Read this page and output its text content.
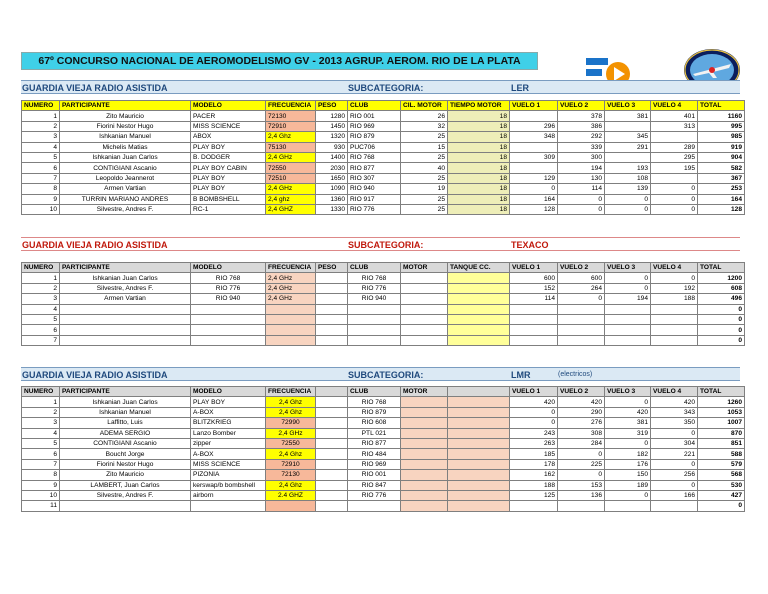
67º CONCURSO NACIONAL DE AEROMODELISMO GV - 2013 AGRUP. AEROM. RIO DE LA PLATA
GUARDIA VIEJA RADIO ASISTIDA	SUBCATEGORIA:	LER
NUMERO	PARTICIPANTE	MODELO	FRECUENCIA	PESO	CLUB	CIL. MOTOR	TIEMPO MOTOR	VUELO 1	VUELO 2	VUELO 3	VUELO 4	TOTAL
1	Zito Mauricio	PACER	72130	1280	RIO 001	26	18		378	381	401	1160
2	Fiorini Nestor Hugo	MISS SCIENCE	72910	1450	RIO 969	32	18	296	386		313	995
3	Ishkanian Manuel	ABOX	2,4 Ghz	1320	RIO 879	25	18	348	292	345		985
4	Michelis Matias	PLAY BOY	75130	930	PUC706	15	18		339	291	289	919
5	Ishkanian Juan Carlos	B. DODGER	2,4 GHz	1400	RIO 768	25	18	309	300		295	904
6	CONTIGIANI Ascanio	PLAY BOY CABIN	72550	2030	RIO 877	40	18		194	193	195	582
7	Leopoldo Jeannerot	PLAY BOY	72510	1650	RIO 307	25	18	129	130	108		367
8	Armen Vartian	PLAY BOY	2,4 GHz	1090	RIO 940	19	18	0	114	139	0	253
9	TURRIN MARIANO ANDRES	B BOMBSHELL	2,4 ghz	1360	RIO 917	25	18	164	0	0	0	164
10	Silvestre, Andres F.	RC-1	2,4 GHZ	1330	RIO 776	25	18	128	0	0	0	128
GUARDIA VIEJA RADIO ASISTIDA	SUBCATEGORIA:	TEXACO
NUMERO	PARTICIPANTE	MODELO	FRECUENCIA	PESO	CLUB	MOTOR	TANQUE CC.	VUELO 1	VUELO 2	VUELO 3	VUELO 4	TOTAL
1	Ishkanian Juan Carlos	RIO 768	2,4 GHz		RIO 768			600	600	0	0	1200
2	Silvestre, Andres F.	RIO 776	2,4 GHz		RIO 776			152	264	0	192	608
3	Armen Vartian	RIO 940	2,4 GHz		RIO 940			114	0	194	188	496
4												0
5												0
6												0
7												0
GUARDIA VIEJA RADIO ASISTIDA	SUBCATEGORIA:	LMR	(electricos)
NUMERO	PARTICIPANTE	MODELO	FRECUENCIA		CLUB	MOTOR		VUELO 1	VUELO 2	VUELO 3	VUELO 4	TOTAL
1	Ishkanian Juan Carlos	PLAY BOY	2,4 Ghz		RIO 768			420	420	0	420	1260
2	Ishkanian Manuel	A-BOX	2,4 Ghz		RIO 879			0	290	420	343	1053
3	Laffitto, Luis	BLITZKRIEG	72990		RIO 608			0	276	381	350	1007
4	ADEMA SERGIO	Lanzo Bomber	2,4 GHz		PTL 021			243	308	319	0	870
5	CONTIGIANI Ascanio	zipper	72550		RIO 877			263	284	0	304	851
6	Boucht Jorge	A-BOX	2,4 Ghz		RIO 484			185	0	182	221	588
7	Fiorini Nestor Hugo	MISS SCIENCE	72910		RIO 969			178	225	176	0	579
8	Zito Mauricio	PIZONIA	72130		RIO 001			162	0	150	256	568
9	LAMBERT, Juan Carlos	kerswap/b bombshell	2,4 Ghz		RIO 847			188	153	189	0	530
10	Silvestre, Andres F.	airborn	2.4 GHZ		RIO 776			125	136	0	166	427
11												0
